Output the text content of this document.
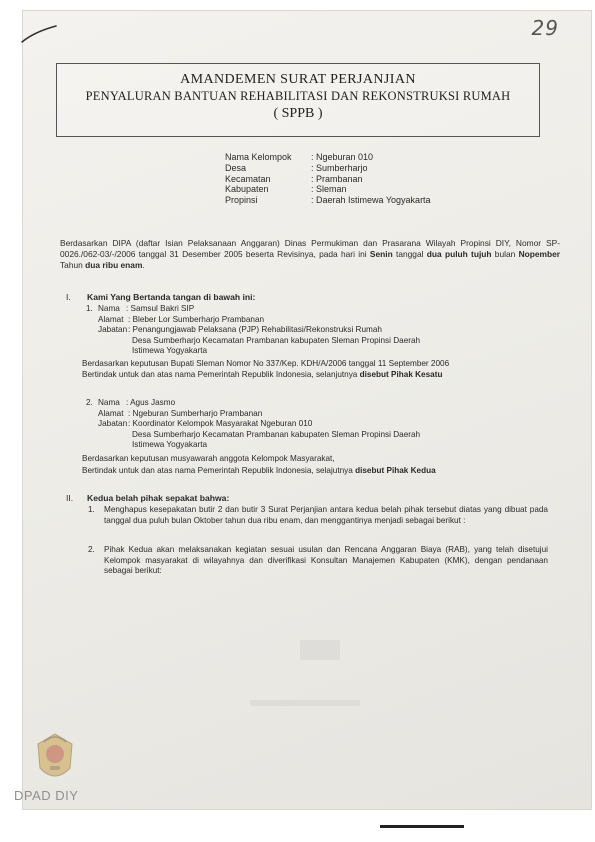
29
AMANDEMEN SURAT PERJANJIAN
PENYALURAN BANTUAN REHABILITASI DAN REKONSTRUKSI RUMAH
( SPPB )
Nama Kelompok	: Ngeburan 010
Desa	: Sumberharjo
Kecamatan	: Prambanan
Kabupaten	: Sleman
Propinsi	: Daerah Istimewa Yogyakarta
Berdasarkan DIPA (daftar Isian Pelaksanaan Anggaran) Dinas Permukiman dan Prasarana Wilayah Propinsi DIY, Nomor SP-0026./062-03/-/2006 tanggal 31 Desember 2005 beserta Revisinya, pada hari ini Senin tanggal dua puluh tujuh bulan Nopember Tahun dua ribu enam.
I. Kami Yang Bertanda tangan di bawah ini:
1. Nama : Samsul Bakri SIP
Alamat : Bleber Lor Sumberharjo Prambanan
Jabatan : Penangungjawab Pelaksana (PJP) Rehabilitasi/Rekonstruksi Rumah
Desa Sumberharjo Kecamatan Prambanan kabupaten Sleman Propinsi Daerah
Istimewa Yogyakarta
Berdasarkan keputusan Bupati Sleman Nomor No 337/Kep. KDH/A/2006 tanggal 11 September 2006
Bertindak untuk dan atas nama Pemerintah Republik Indonesia, selanjutnya disebut Pihak Kesatu
2. Nama : Agus Jasmo
Alamat : Ngeburan Sumberharjo Prambanan
Jabatan : Koordinator Kelompok Masyarakat Ngeburan 010
Desa Sumberharjo Kecamatan Prambanan kabupaten Sleman Propinsi Daerah
Istimewa Yogyakarta
Berdasarkan keputusan musyawarah anggota Kelompok Masyarakat,
Bertindak untuk dan atas nama Pemerintah Republik Indonesia, selajutnya disebut Pihak Kedua
II. Kedua belah pihak sepakat bahwa:
1.	Menghapus kesepakatan butir 2 dan butir 3 Surat Perjanjian antara kedua belah pihak tersebut diatas yang dibuat pada tanggal dua puluh bulan Oktober tahun dua ribu enam, dan menggantinya menjadi sebagai berikut :
2.	Pihak Kedua akan melaksanakan kegiatan sesuai usulan dan Rencana Anggaran Biaya (RAB), yang telah disetujui Kelompok masyarakat di wilayahnya dan diverifikasi Konsultan Manajemen Kabupaten (KMK), dengan pendanaan sebagai berikut:
DPAD DIY
